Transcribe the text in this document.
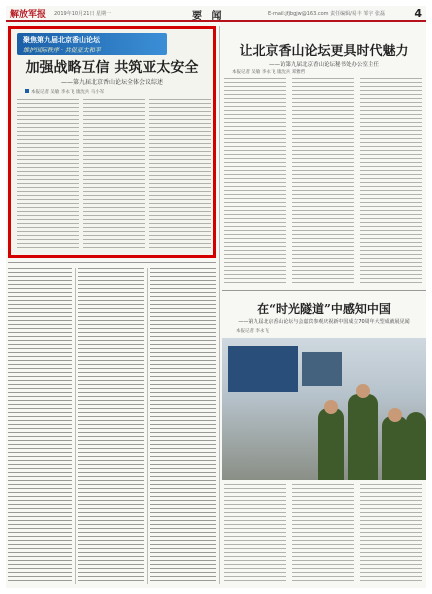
解放军报 2019年10月21日 星期一	要 闻	E-mail:jfjbgjw@163.com 责任编辑/易丰 邹宇 张磊	4
聚焦第九届北京香山论坛
维护国际秩序 · 共促亚太和平
加强战略互信 共筑亚太安全
——第九届北京香山论坛全体会议综述
本报记者 吴敏 李永飞 康沈兵 马小军
让北京香山论坛更具时代魅力
——访第九届北京香山论坛秘书处办公室主任
本报记者 吴敏 李永飞 康沈兵 邓雅哲
在“时光隧道”中感知中国
——第九届北京香山论坛与会嘉宾参观庆祝新中国成立70周年大型成就展见闻
本报记者 李永飞
